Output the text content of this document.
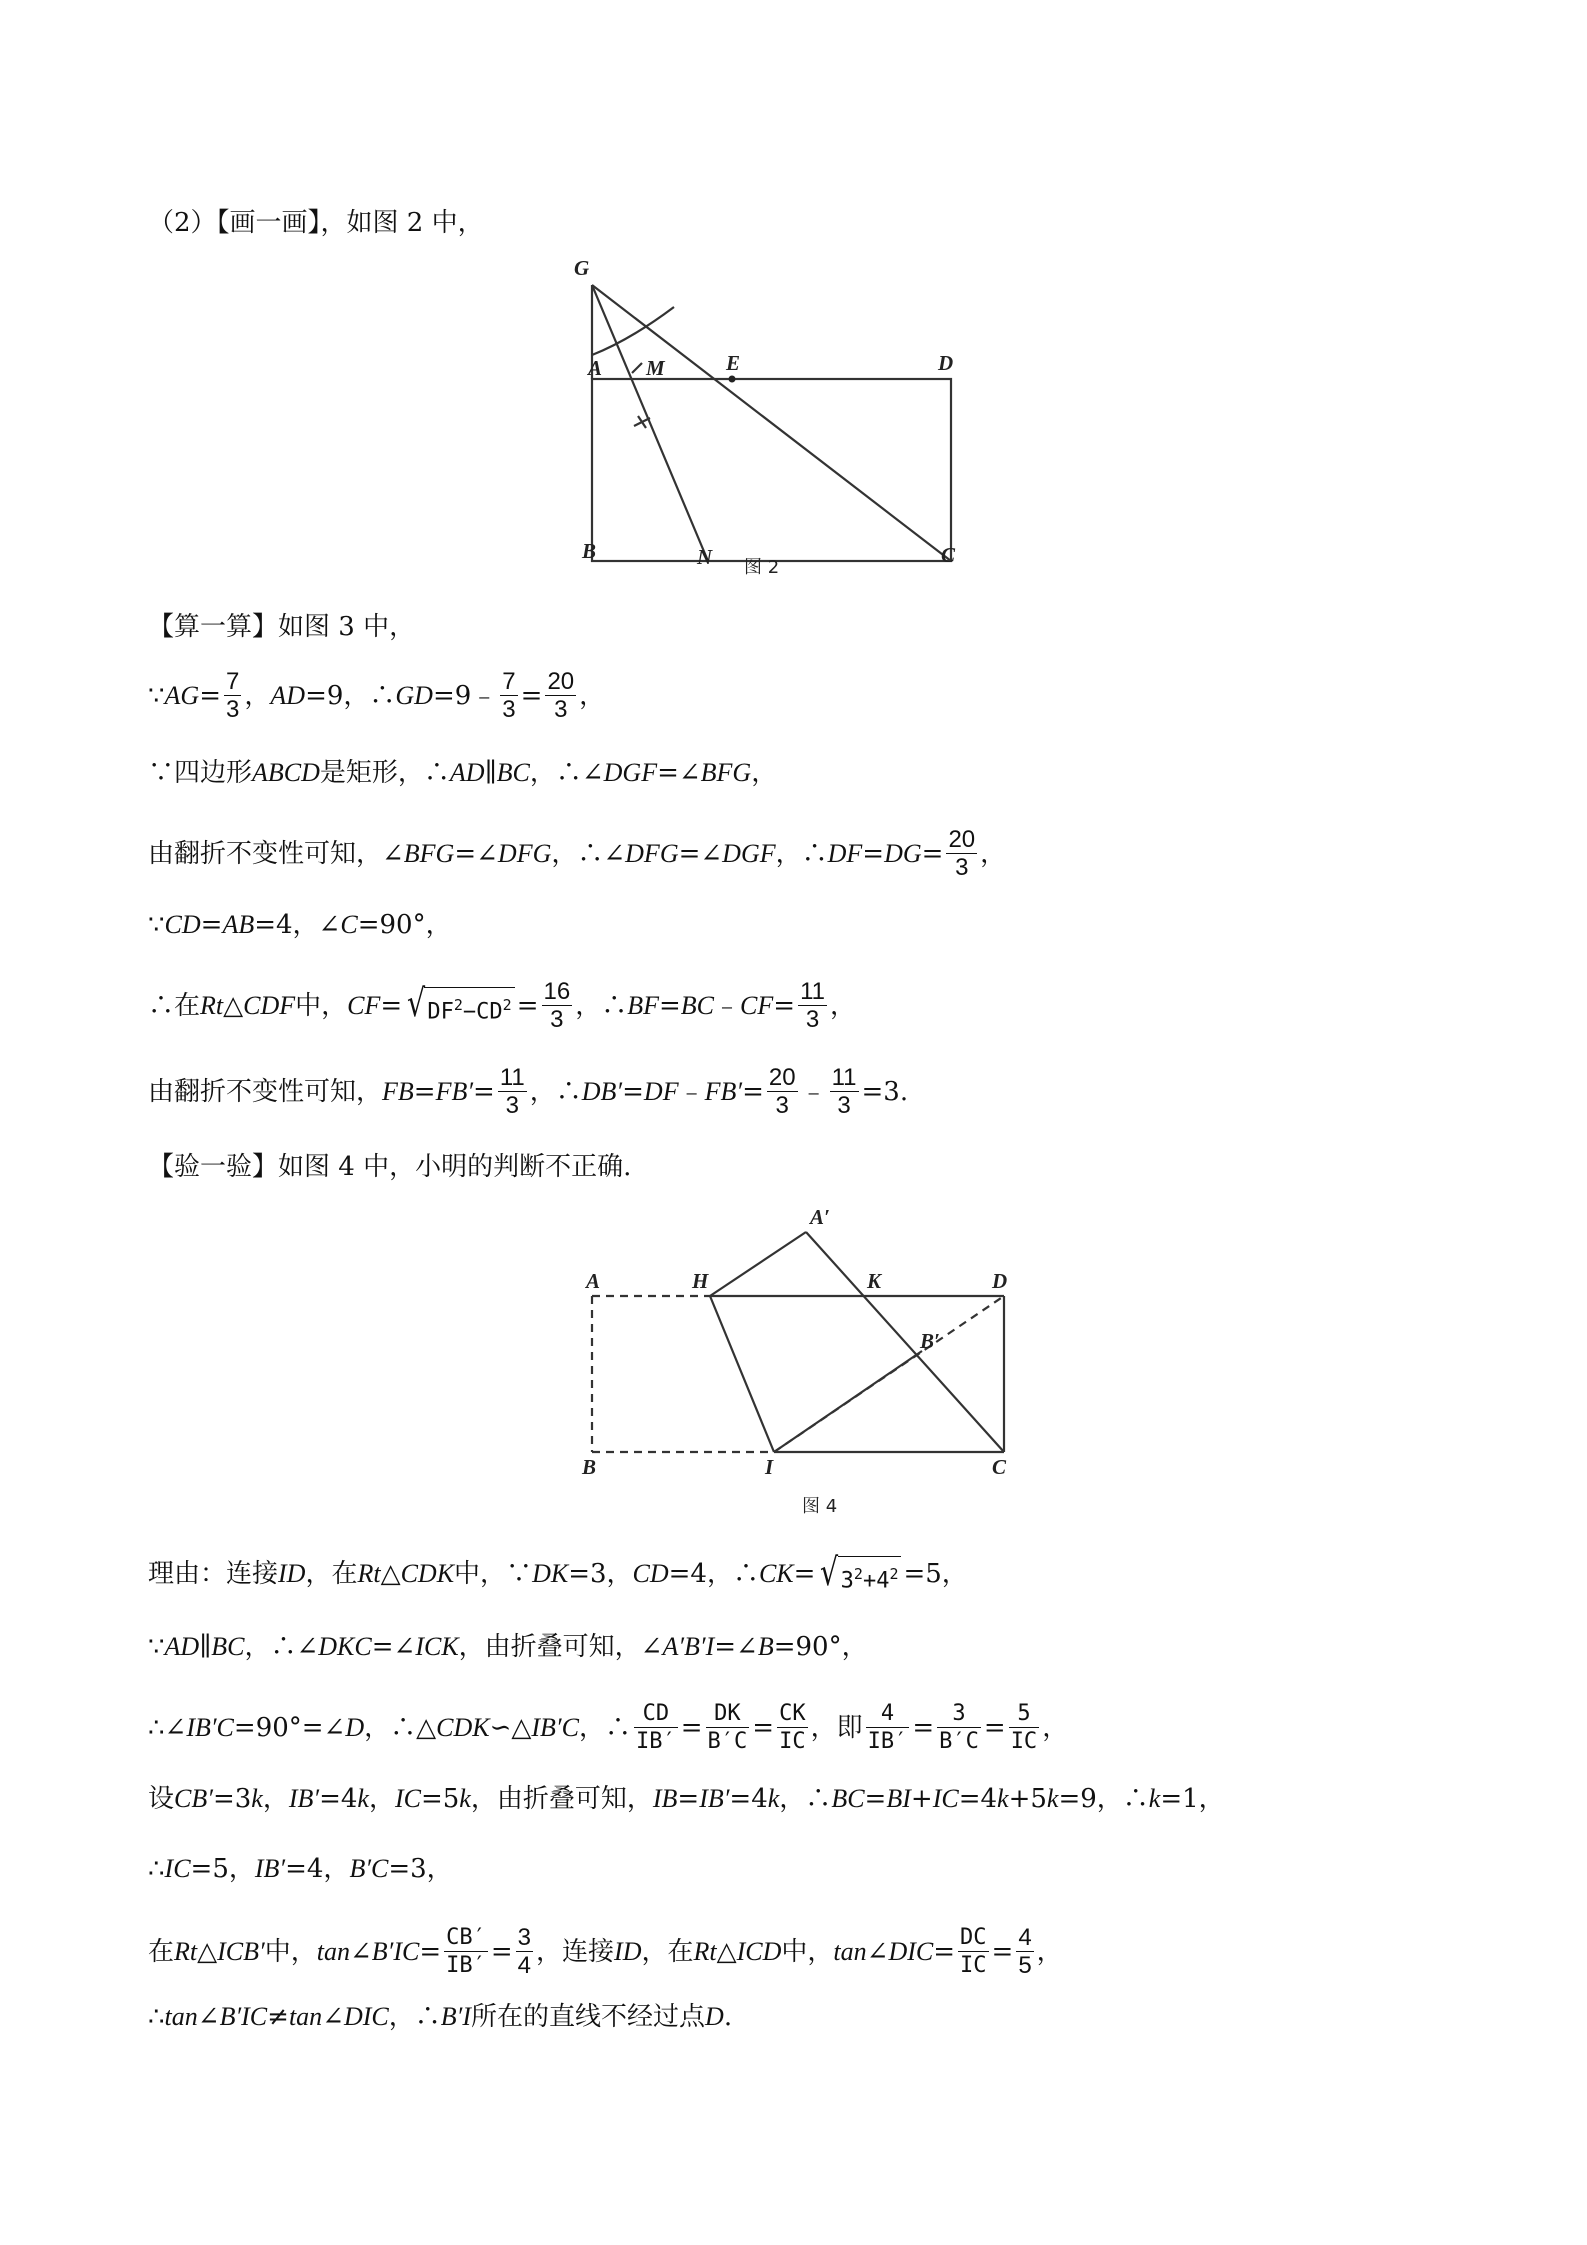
（2）【画一画】，如图 2 中，
G
A M	E	D
B	N	C
图 2
【算一算】如图 3 中，
∵ AG = $\frac{7}{3}$ ， AD =9，∴ GD =9﹣ $\frac{7}{3} = \frac{20}{3}$ ，
∵四边形 ABCD 是矩形，∴ AD ∥ BC ，∴∠ DGF =∠ BFG ，
由翻折不变性可知，∠ BFG =∠ DFG ，∴∠ DFG =∠ DGF ，∴ DF = DG = $\frac{20}{3}$ ，
∵ CD = AB =4，∠ C =90°，
∴在 Rt △ CDF 中， CF = √ $DF^2-CD^2 = \frac{16}{3}$ ，∴ BF = BC ﹣ CF = $\frac{11}{3}$ ，
由翻折不变性可知， FB = $FB' = \frac{11}{3}$ ，∴ DB′ = DF ﹣ $FB' = \frac{20}{3}$ ﹣ $\frac{11}{3} =3$.
【验一验】如图 4 中，小明的判断不正确.
A′
A	H	K	D
B′
B	I	C
图 4
理由：连接 ID ，在 Rt △ CDK 中，∵ DK =3， CD =4，∴ CK = √ $3^2+4^2 =5$，
∵ AD ∥ BC ，∴∠ DKC =∠ ICK ，由折叠可知，∠ A′B′I =∠ B =90°，
∴∠ IB′C =90°=∠ D ，∴△ CDK ∽△ IB′C ，∴ $\frac{CD}{IB'} = \frac{DK}{B'C} = \frac{CK}{IC}$ ，即 $\frac{4}{IB'} = \frac{3}{B'C} = \frac{5}{IC}$ ，
设 CB′ =3 k ， IB′ =4 k ， IC =5 k ，由折叠可知， IB = IB′ =4 k ，∴ BC = BI + IC =4 k +5 k =9，∴ k =1，
∴ IC =5， IB′ =4， B′C =3，
在 Rt △ ICB′ 中， tan ∠ $B'IC = \frac{CB'}{IB'} = \frac{3}{4}$ ，连接 ID ，在 Rt △ ICD 中， tan ∠ DIC = $\frac{DC}{IC} = \frac{4}{5}$ ，
∴ tan ∠ B′IC ≠ tan ∠ DIC ，∴ B′I 所在的直线不经过点 D .
